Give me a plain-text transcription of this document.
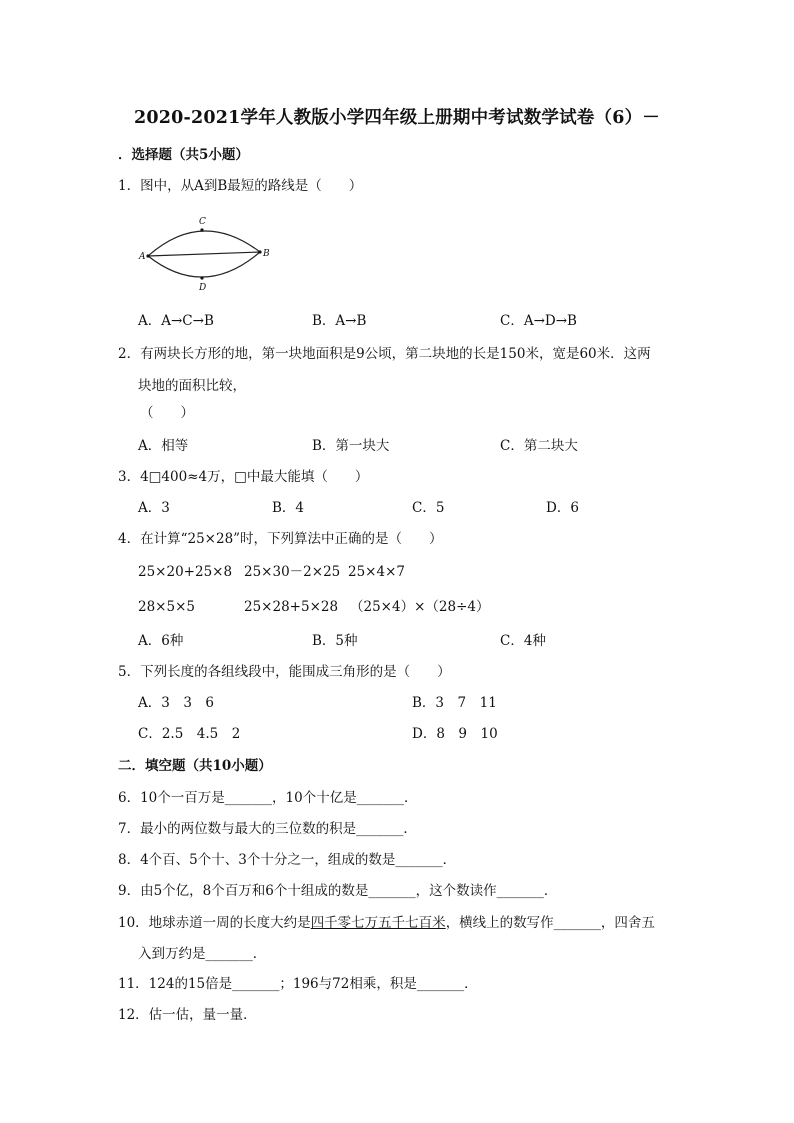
2020-2021学年人教版小学四年级上册期中考试数学试卷（6）－
．选择题（共5小题）
1．图中，从A到B最短的路线是（　　）
A	B
C
D
A．A→C→B	B．A→B	C．A→D→B
2．有两块长方形的地，第一块地面积是9公顷，第二块地的长是150米，宽是60米．这两
块地的面积比较，
（　　）
A．相等	B．第一块大	C．第二块大
3．4□400≈4万，□中最大能填（　　）
A．3	B．4	C．5	D．6
4．在计算“25×28”时，下列算法中正确的是（　　）
25×20+25×8 25×30－2×25 25×4×7
28×5×5	25×28+5×28 （25×4）×（28÷4）
A．6种	B．5种	C．4种
5．下列长度的各组线段中，能围成三角形的是（　　）
A．3　3　6	B．3　7　11
C．2.5　4.5　2	D．8　9　10
二．填空题（共10小题）
6．10个一百万是_______，10个十亿是_______．
7．最小的两位数与最大的三位数的积是_______．
8．4个百、5个十、3个十分之一，组成的数是_______．
9．由5个亿，8个百万和6个十组成的数是_______，这个数读作_______．
10．地球赤道一周的长度大约是四千零七万五千七百米，横线上的数写作_______，四舍五
入到万约是_______．
11．124的15倍是_______；196与72相乘，积是_______．
12．估一估，量一量．
